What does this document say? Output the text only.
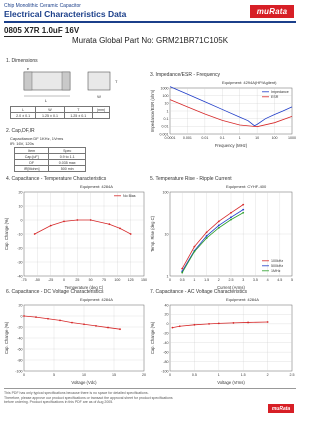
Chip Monolithic Ceramic Capacitor
Electrical Characteristics Data	muRata
0805 X7R 1.0uF 16V
Murata Global Part No: GRM21BR71C105K
1. Dimensions
L
W
T
e
L	W	T	(mm)
2.0 ± 0.1	1.25 ± 0.1	1.25 ± 0.1	
2. Cap,DF,IR
Capacitance:DF 1KHz, 1Vrms
IR: 16V, 120s
Item	Spec
Cap.[uF]	0.9 to 1.1
DF	0.035 max
IR[Mohm]	500 min
3. Impedance/ESR - Frequency
Equipment: 4294A(HP/Agilent)
0.0001 0.001	0.01	0.1	1	10	100	1000
1000
100
10
1
0.1
0.01
0.001
Frequency (MHz)
Impedance/ESR (ohm)	Impedance
ESR
4. Capacitance - Temperature Characteristics
Equipment: 4284A
-75 -50 -25	0	25	50	75 100 125 150
20
10
0
-10
-20
-30
-40
Temperature (deg C)
Cap. Change (%)
No Bias
5. Temperature Rise - Ripple Current
Equipment: CYHF-400
0 0.5 1 1.5 2 2.5 3 3.5 4 4.5 5
100
10
1
Current (Arms)
Temp. Rise (deg C)
100kHz
500kHz
1MHz
6. Capacitance - DC Voltage Characteristics
Equipment: 4284A
0	5	10	15	20
20
0
-20
-40
-60
-80
-100
Voltage (Vdc)
Cap. Change (%)
7. Capacitance - AC Voltage Characteristics
Equipment: 4284A
0	0.5	1	1.5	2	2.5
40
20
0
-20
-40
-60
-80
-100
Voltage (Vrms)
Cap. Change (%)
This PDF has only typical specifications because there is no space for detailed specifications.
Therefore, please approve our product specifications or transact the approval sheet for product specifications
before ordering. Product specifications in this PDF are as of Aug 2005.
muRata
